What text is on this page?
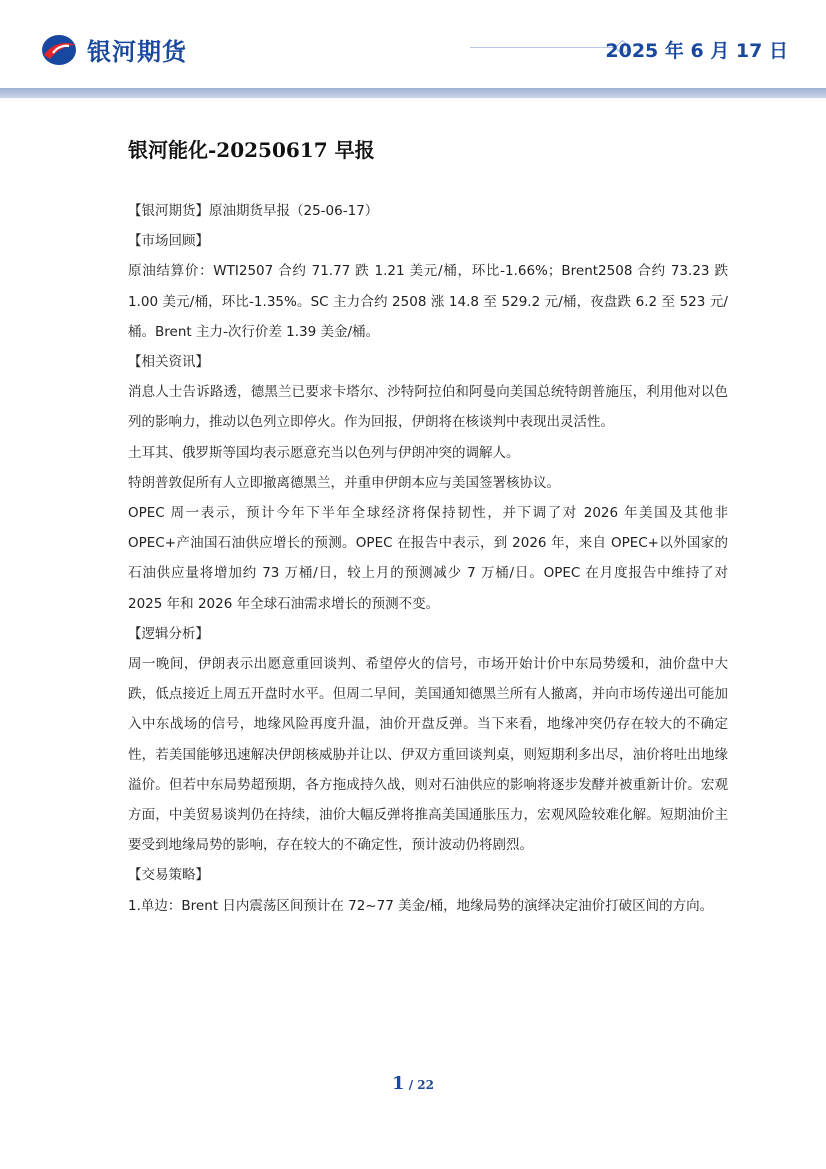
银河期货	2025 年 6 月 17 日
银河能化-20250617 早报

【银河期货】原油期货早报（25-06-17）

【市场回顾】

原油结算价：WTI2507 合约 71.77 跌 1.21 美元/桶，环比-1.66%；Brent2508 合约 73.23 跌 1.00 美元/桶，环比-1.35%。SC 主力合约 2508 涨 14.8 至 529.2 元/桶，夜盘跌 6.2 至 523 元/桶。Brent 主力-次行价差 1.39 美金/桶。

【相关资讯】

消息人士告诉路透，德黑兰已要求卡塔尔、沙特阿拉伯和阿曼向美国总统特朗普施压，利用他对以色列的影响力，推动以色列立即停火。作为回报，伊朗将在核谈判中表现出灵活性。

土耳其、俄罗斯等国均表示愿意充当以色列与伊朗冲突的调解人。

特朗普敦促所有人立即撤离德黑兰，并重申伊朗本应与美国签署核协议。

OPEC 周一表示，预计今年下半年全球经济将保持韧性，并下调了对 2026 年美国及其他非 OPEC+产油国石油供应增长的预测。OPEC 在报告中表示，到 2026 年，来自 OPEC+以外国家的石油供应量将增加约 73 万桶/日，较上月的预测减少 7 万桶/日。OPEC 在月度报告中维持了对 2025 年和 2026 年全球石油需求增长的预测不变。

【逻辑分析】

周一晚间，伊朗表示出愿意重回谈判、希望停火的信号，市场开始计价中东局势缓和，油价盘中大跌，低点接近上周五开盘时水平。但周二早间，美国通知德黑兰所有人撤离，并向市场传递出可能加入中东战场的信号，地缘风险再度升温，油价开盘反弹。当下来看，地缘冲突仍存在较大的不确定性，若美国能够迅速解决伊朗核威胁并让以、伊双方重回谈判桌，则短期利多出尽，油价将吐出地缘溢价。但若中东局势超预期，各方拖成持久战，则对石油供应的影响将逐步发酵并被重新计价。宏观方面，中美贸易谈判仍在持续，油价大幅反弹将推高美国通胀压力，宏观风险较难化解。短期油价主要受到地缘局势的影响，存在较大的不确定性，预计波动仍将剧烈。

【交易策略】

1.单边：Brent 日内震荡区间预计在 72~77 美金/桶，地缘局势的演绎决定油价打破区间的方向。

1 / 22
